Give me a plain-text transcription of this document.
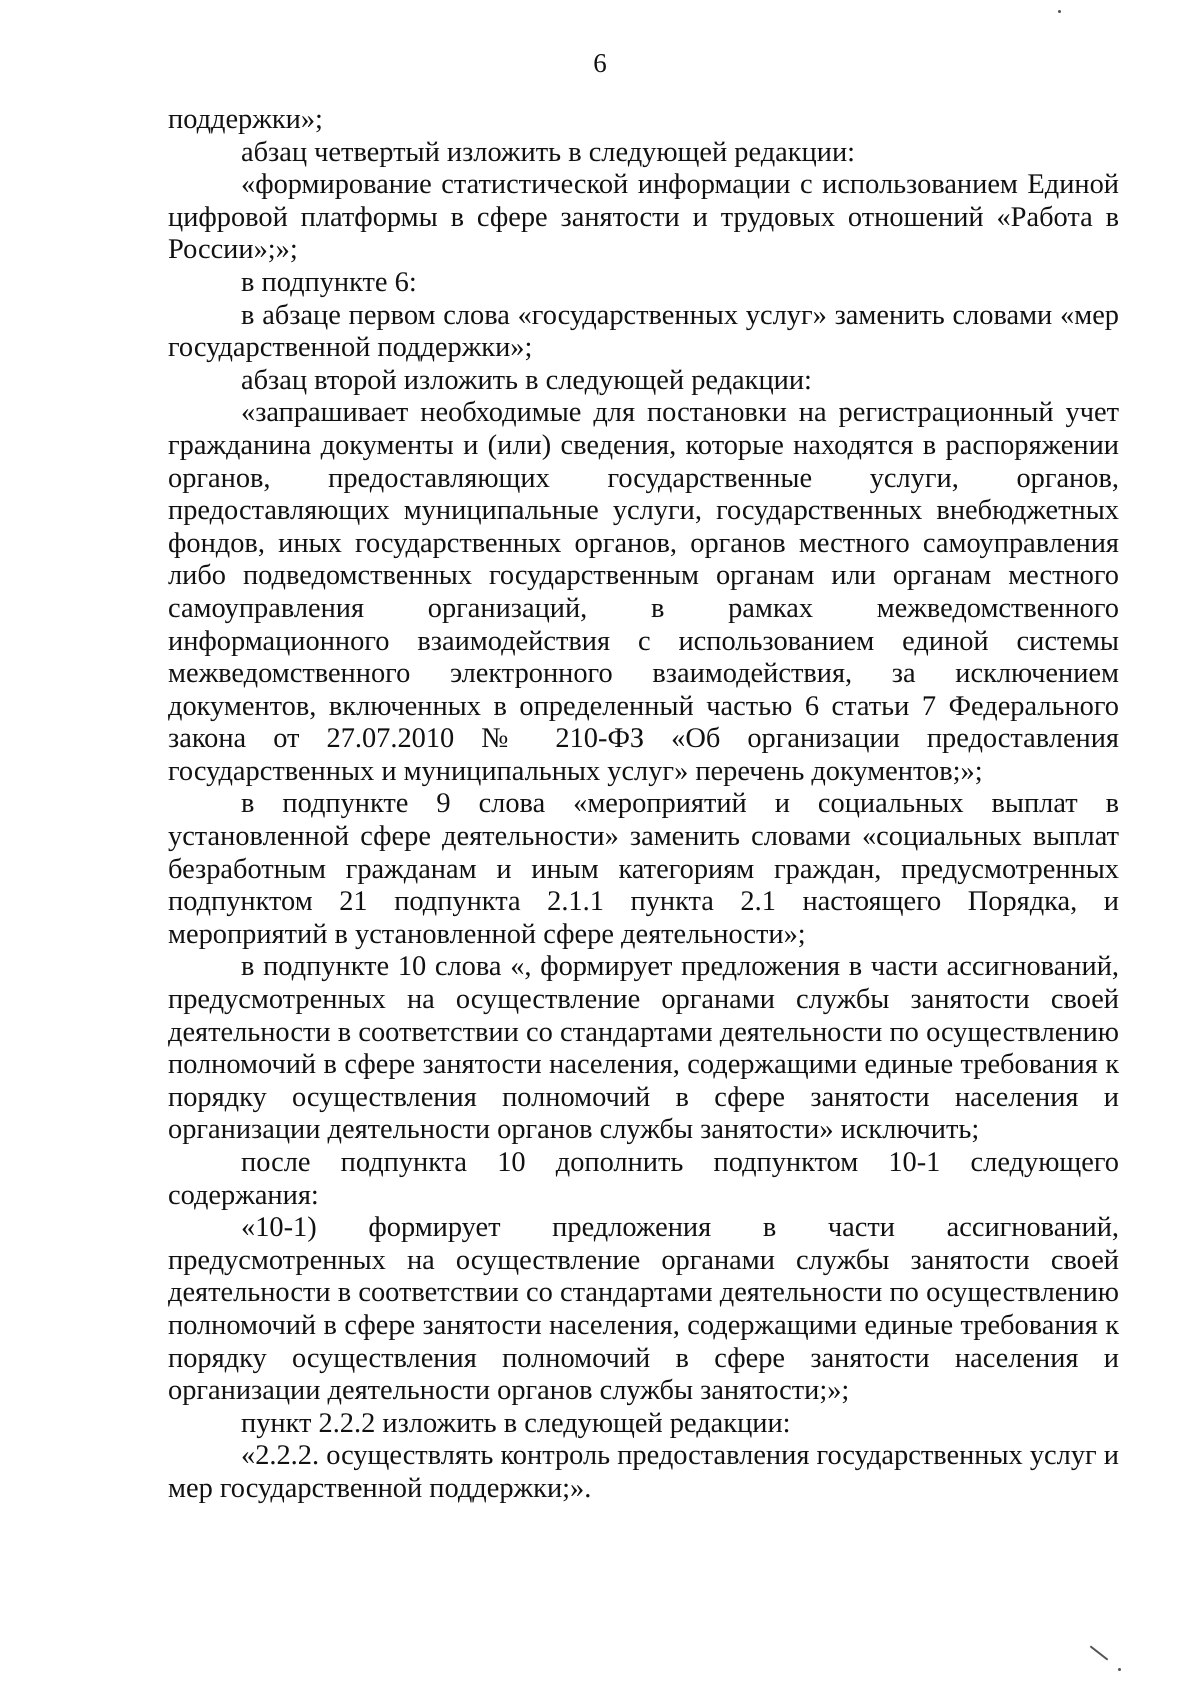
6

поддержки»;

абзац четвертый изложить в следующей редакции:

«формирование статистической информации с использованием Единой цифровой платформы в сфере занятости и трудовых отношений «Работа в России»;»;

в подпункте 6:

в абзаце первом слова «государственных услуг» заменить словами «мер государственной поддержки»;

абзац второй изложить в следующей редакции:

«запрашивает необходимые для постановки на регистрационный учет гражданина документы и (или) сведения, которые находятся в распоряжении органов, предоставляющих государственные услуги, органов, предоставляющих муниципальные услуги, государственных внебюджетных фондов, иных государственных органов, органов местного самоуправления либо подведомственных государственным органам или органам местного самоуправления организаций, в рамках межведомственного информационного взаимодействия с использованием единой системы межведомственного электронного взаимодействия, за исключением документов, включенных в определенный частью 6 статьи 7 Федерального закона от 27.07.2010 № 210-ФЗ «Об организации предоставления государственных и муниципальных услуг» перечень документов;»;

в подпункте 9 слова «мероприятий и социальных выплат в установленной сфере деятельности» заменить словами «социальных выплат безработным гражданам и иным категориям граждан, предусмотренных подпунктом 21 подпункта 2.1.1 пункта 2.1 настоящего Порядка, и мероприятий в установленной сфере деятельности»;

в подпункте 10 слова «, формирует предложения в части ассигнований, предусмотренных на осуществление органами службы занятости своей деятельности в соответствии со стандартами деятельности по осуществлению полномочий в сфере занятости населения, содержащими единые требования к порядку осуществления полномочий в сфере занятости населения и организации деятельности органов службы занятости» исключить;

после подпункта 10 дополнить подпунктом 10-1 следующего содержания:

«10-1) формирует предложения в части ассигнований, предусмотренных на осуществление органами службы занятости своей деятельности в соответствии со стандартами деятельности по осуществлению полномочий в сфере занятости населения, содержащими единые требования к порядку осуществления полномочий в сфере занятости населения и организации деятельности органов службы занятости;»;

пункт 2.2.2 изложить в следующей редакции:

«2.2.2. осуществлять контроль предоставления государственных услуг и мер государственной поддержки;».
